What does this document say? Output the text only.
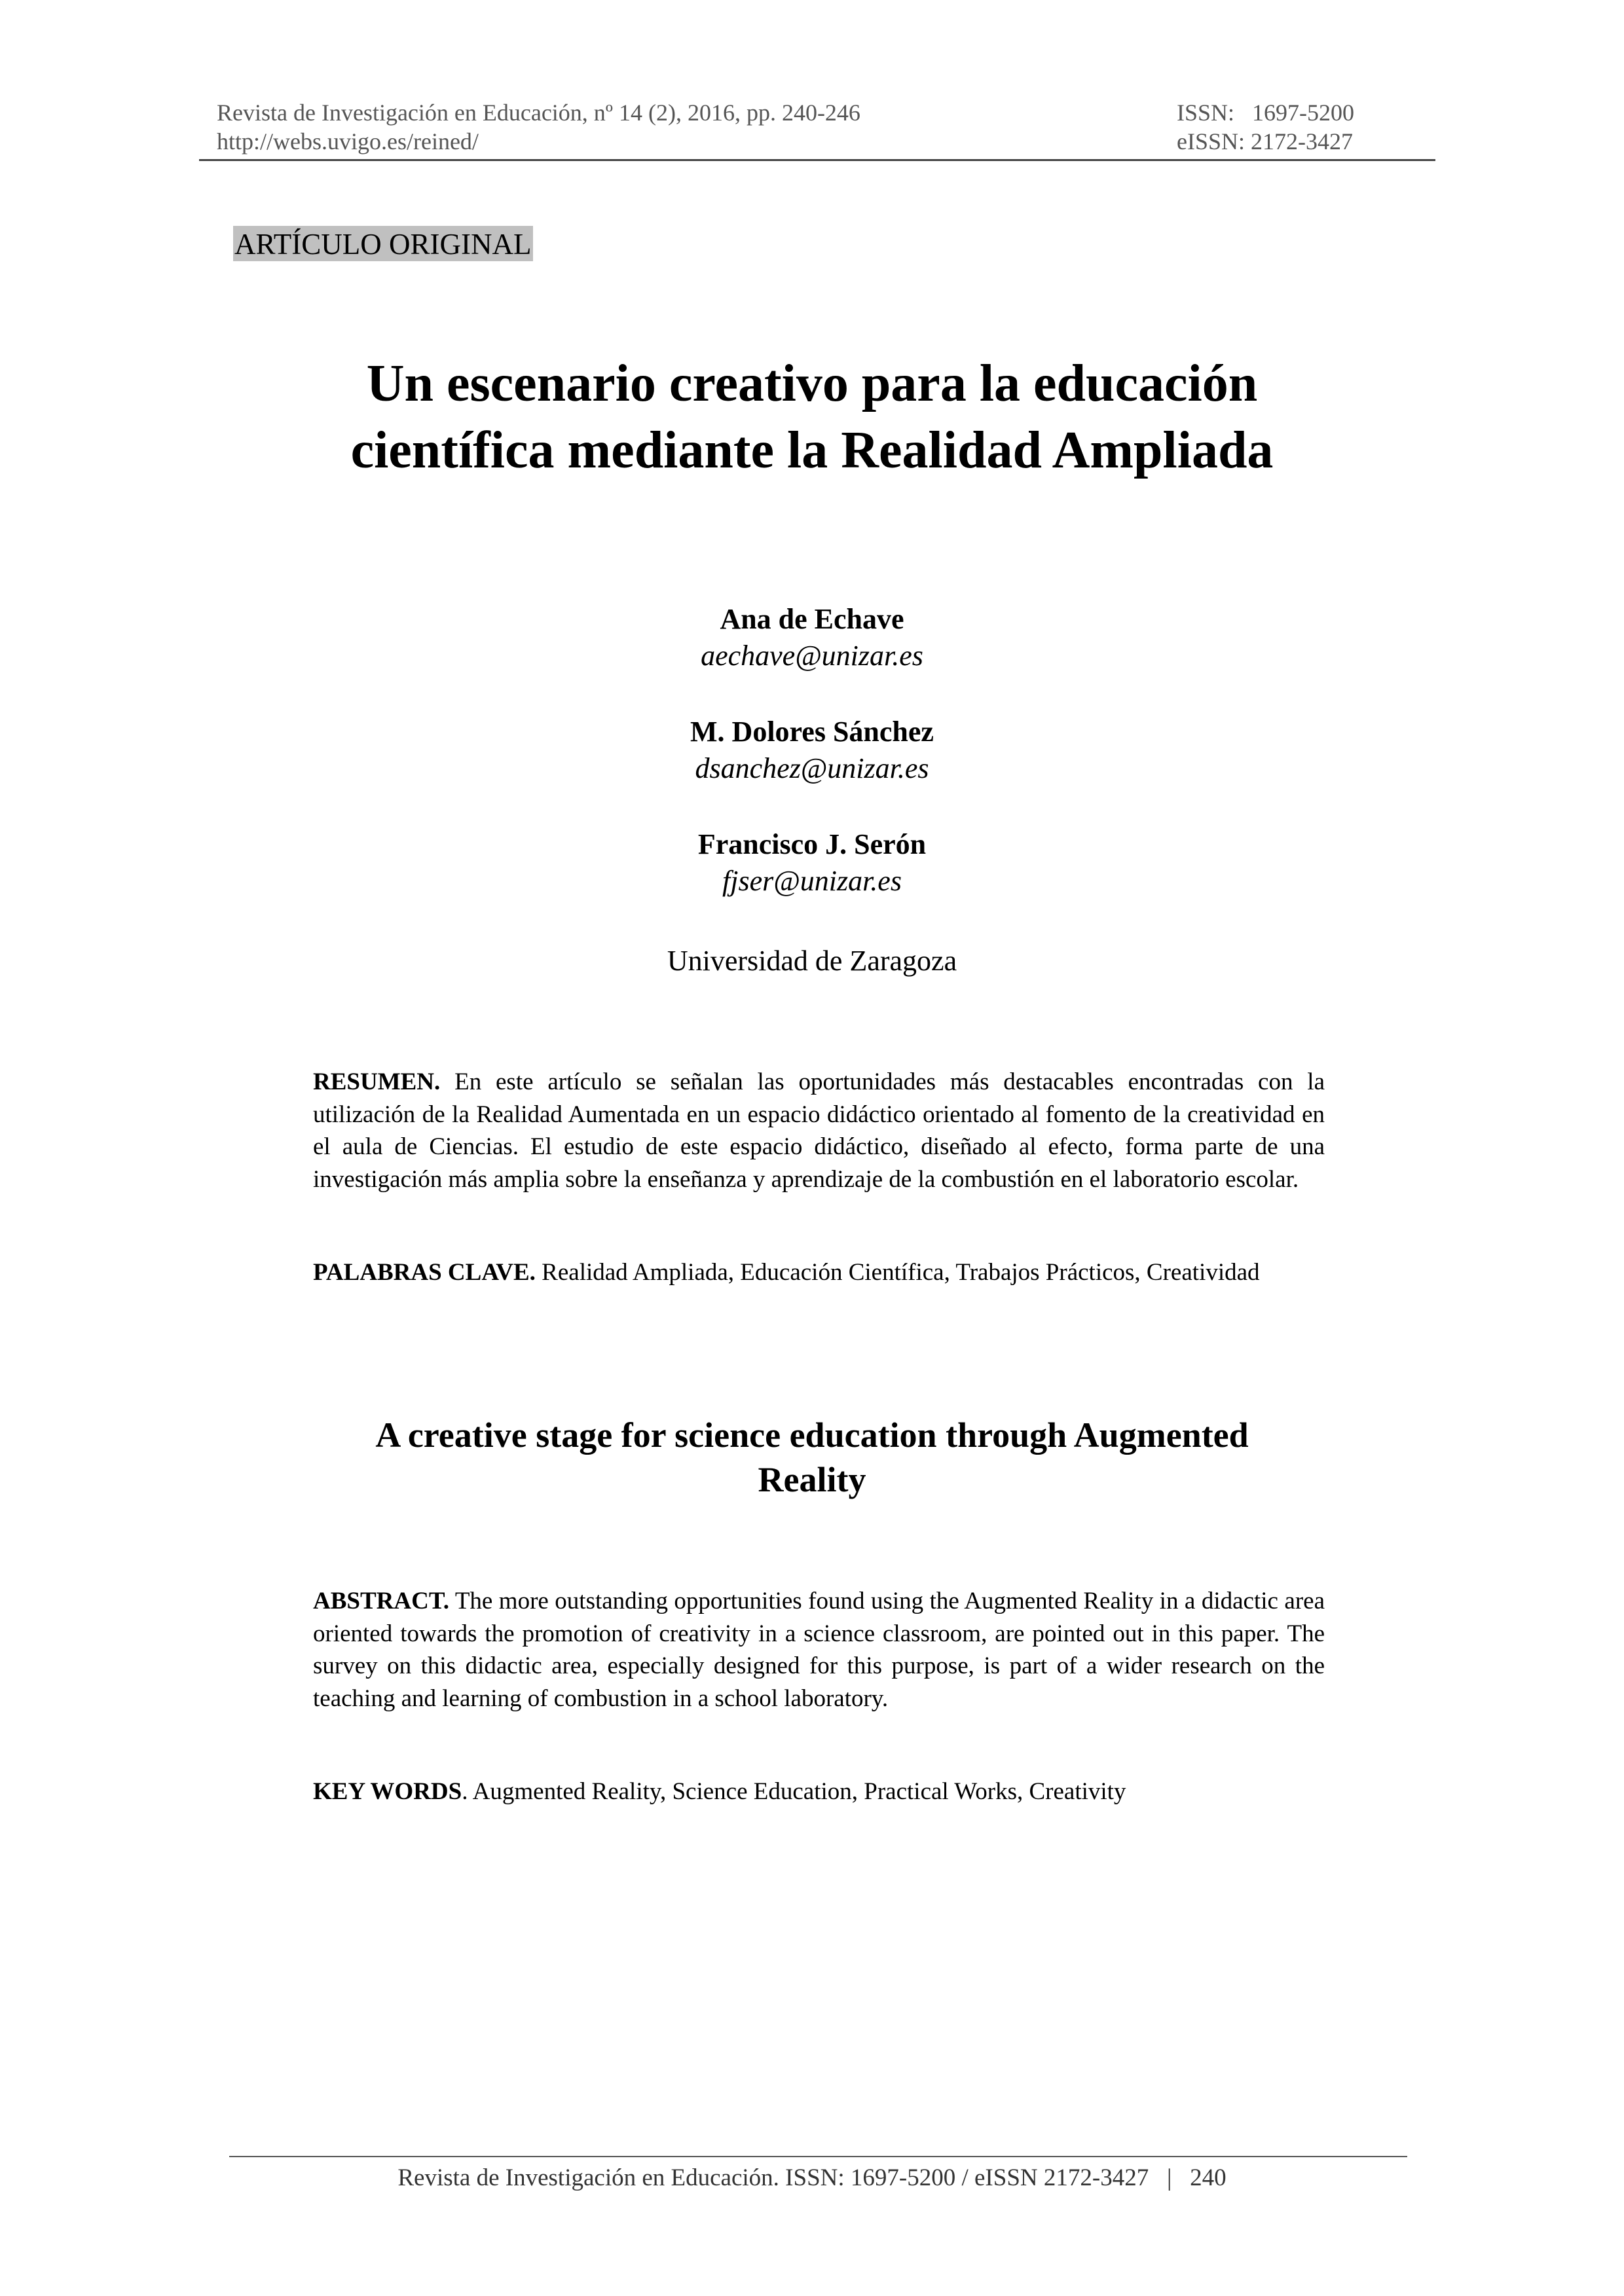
Revista de Investigación en Educación, nº 14 (2), 2016, pp. 240-246
http://webs.uvigo.es/reined/
ISSN:   1697-5200
eISSN: 2172-3427
ARTÍCULO ORIGINAL
Un escenario creativo para la educación
científica mediante la Realidad Ampliada
Ana de Echave
aechave@unizar.es
M. Dolores Sánchez
dsanchez@unizar.es
Francisco J. Serón
fjser@unizar.es
Universidad de Zaragoza
RESUMEN. En este artículo se señalan las oportunidades más destacables encontradas con la utilización de la Realidad Aumentada en un espacio didáctico orientado al fomento de la creatividad en el aula de Ciencias. El estudio de este espacio didáctico, diseñado al efecto, forma parte de una investigación más amplia sobre la enseñanza y aprendizaje de la combustión en el laboratorio escolar.
PALABRAS CLAVE. Realidad Ampliada, Educación Científica, Trabajos Prácticos, Creatividad
A creative stage for science education through Augmented
Reality
ABSTRACT. The more outstanding opportunities found using the Augmented Reality in a didactic area oriented towards the promotion of creativity in a science classroom, are pointed out in this paper. The survey on this didactic area, especially designed for this purpose, is part of a wider research on the teaching and learning of combustion in a school laboratory.
KEY WORDS. Augmented Reality, Science Education, Practical Works, Creativity
Revista de Investigación en Educación. ISSN: 1697-5200 / eISSN 2172-3427 | 240
